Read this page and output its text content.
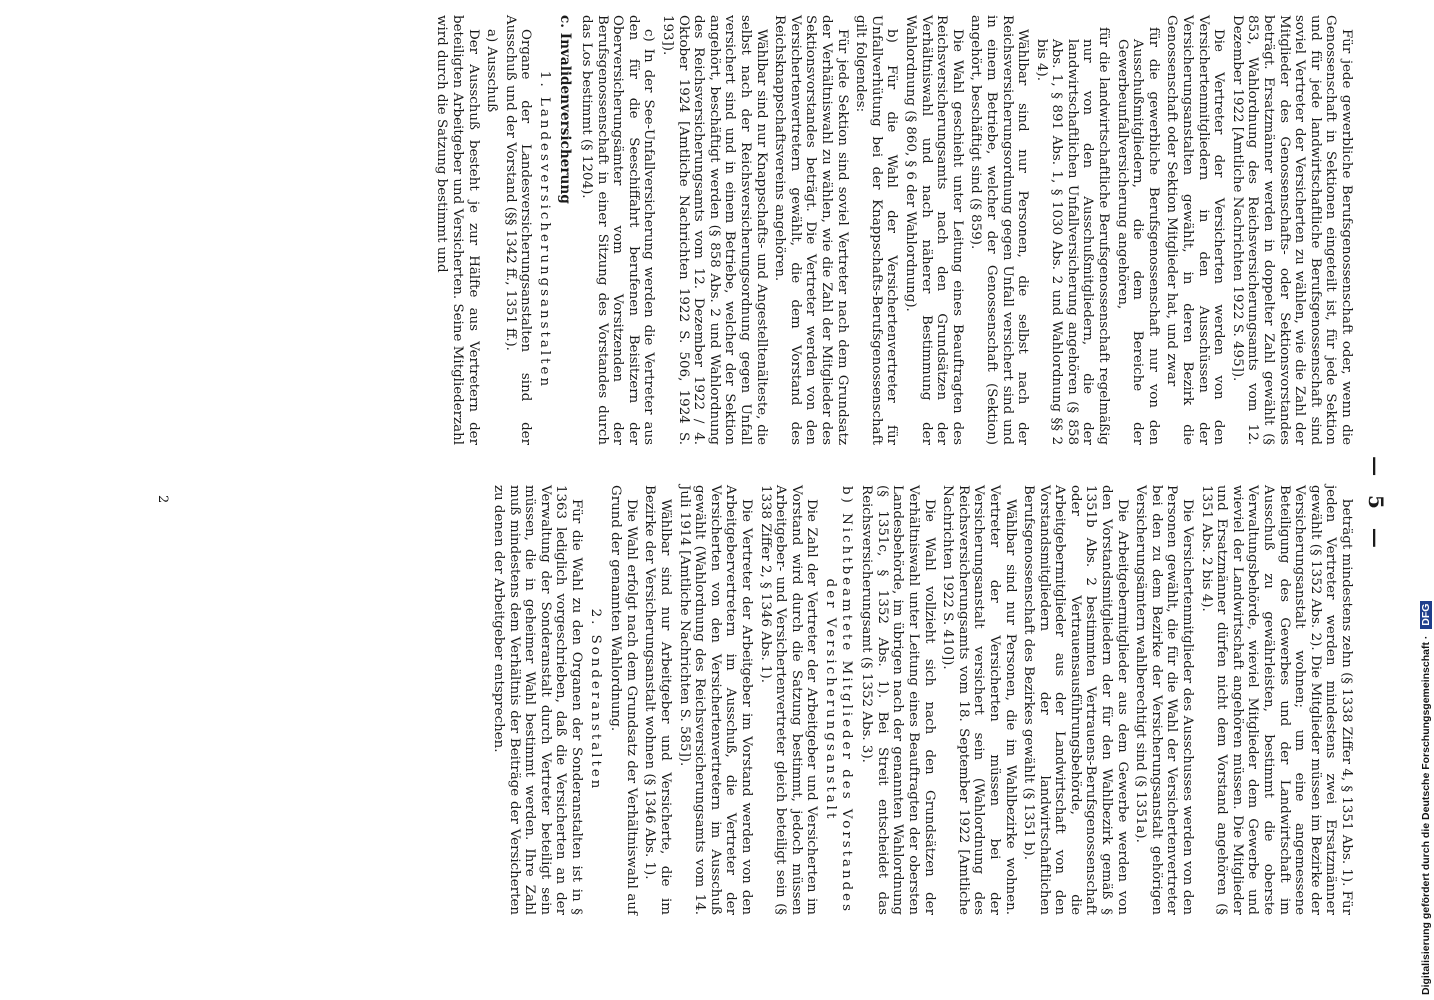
— 5 —

Für jede gewerbliche Berufsgenossenschaft oder, wenn die Genossenschaft in Sektionen eingeteilt ist, für jede Sektion und für jede landwirtschaftliche Berufsgenossenschaft sind soviel Vertreter der Versicherten zu wählen, wie die Zahl der Mitglieder des Genossenschafts- oder Sektionsvorstandes beträgt. Ersatzmänner werden in doppelter Zahl gewählt (§ 853, Wahlordnung des Reichsversicherungsamts vom 12. Dezember 1922 [Amtliche Nachrichten 1922 S. 495]).

Die Vertreter der Versicherten werden von den Versichertenmitgliedern in den Ausschüssen der Versicherungsanstalten gewählt, in deren Bezirk die Genossenschaft oder Sektion Mitglieder hat, und zwar

für die gewerbliche Berufsgenossenschaft nur von den Ausschußmitgliedern, die dem Bereiche der Gewerbeunfallversicherung angehören,

für die landwirtschaftliche Berufsgenossenschaft regelmäßig nur von den Ausschußmitgliedern, die der landwirtschaftlichen Unfallversicherung angehören (§ 858 Abs. 1, § 891 Abs. 1, § 1030 Abs. 2 und Wahlordnung §§ 2 bis 4).

Wählbar sind nur Personen, die selbst nach der Reichsversicherungsordnung gegen Unfall versichert sind und in einem Betriebe, welcher der Genossenschaft (Sektion) angehört, beschäftigt sind (§ 859).

Die Wahl geschieht unter Leitung eines Beauftragten des Reichsversicherungsamts nach den Grundsätzen der Verhältniswahl und nach näherer Bestimmung der Wahlordnung (§ 860, § 6 der Wahlordnung).

b) Für die Wahl der Versichertenvertreter für Unfallverhütung bei der Knappschafts-Berufsgenossenschaft gilt folgendes:

Für jede Sektion sind soviel Vertreter nach dem Grundsatz der Verhältniswahl zu wählen, wie die Zahl der Mitglieder des Sektionsvorstandes beträgt. Die Vertreter werden von den Versichertenvertretern gewählt, die dem Vorstand des Reichsknappschaftsvereins angehören.

Wählbar sind nur Knappschafts- und Angestelltenälteste, die selbst nach der Reichsversicherungsordnung gegen Unfall versichert sind und in einem Betriebe, welcher der Sektion angehört, beschäftigt werden (§ 858 Abs. 2 und Wahlordnung des Reichsversicherungsamts vom 12. Dezember 1922 / 4. Oktober 1924 [Amtliche Nachrichten 1922 S. 506, 1924 S. 193]).

c) In der See-Unfallversicherung werden die Vertreter aus den für die Seeschiffahrt berufenen Beisitzern der Oberversicherungsämter vom Vorsitzenden der Berufsgenossenschaft in einer Sitzung des Vorstandes durch das Los bestimmt (§ 1204).

c. Invalidenversicherung
1. Landesversicherungsanstalten

Organe der Landesversicherungsanstalten sind der Ausschuß und der Vorstand (§§ 1342 ff., 1351 ff.).

a) Ausschuß

Der Ausschuß besteht je zur Hälfte aus Vertretern der beteiligten Arbeitgeber und Versicherten. Seine Mitgliederzahl wird durch die Satzung bestimmt und

beträgt mindestens zehn (§ 1338 Ziffer 4, § 1351 Abs. 1). Für jeden Vertreter werden mindestens zwei Ersatzmänner gewählt (§ 1352 Abs. 2). Die Mitglieder müssen im Bezirke der Versicherungsanstalt wohnen; um eine angemessene Beteiligung des Gewerbes und der Landwirtschaft im Ausschuß zu gewährleisten, bestimmt die oberste Verwaltungsbehörde, wieviel Mitglieder dem Gewerbe und wieviel der Landwirtschaft angehören müssen. Die Mitglieder und Ersatzmänner dürfen nicht dem Vorstand angehören (§ 1351 Abs. 2 bis 4).

Die Versichertenmitglieder des Ausschusses werden von den Personen gewählt, die für die Wahl der Versichertenvertreter bei den zu dem Bezirke der Versicherungsanstalt gehörigen Versicherungsämtern wahlberechtigt sind (§ 1351a).

Die Arbeitgebermitglieder aus dem Gewerbe werden von den Vorstandsmitgliedern der für den Wahlbezirk gemäß § 1351b Abs. 2 bestimmten Vertrauens-Berufsgenossenschaft oder Vertrauensausführungsbehörde, die Arbeitgebermitglieder aus der Landwirtschaft von den Vorstandsmitgliedern der landwirtschaftlichen Berufsgenossenschaft des Bezirkes gewählt (§ 1351 b).

Wählbar sind nur Personen, die im Wahlbezirke wohnen. Vertreter der Versicherten müssen bei der Versicherungsanstalt versichert sein (Wahlordnung des Reichsversicherungsamts vom 18. September 1922 [Amtliche Nachrichten 1922 S. 410]).

Die Wahl vollzieht sich nach den Grundsätzen der Verhältniswahl unter Leitung eines Beauftragten der obersten Landesbehörde, im übrigen nach der genannten Wahlordnung (§ 1351c, § 1352 Abs. 1). Bei Streit entscheidet das Reichsversicherungsamt (§ 1352 Abs. 3).

b) Nichtbeamtete Mitglieder des Vorstandes der Versicherungsanstalt

Die Zahl der Vertreter der Arbeitgeber und Versicherten im Vorstand wird durch die Satzung bestimmt, jedoch müssen Arbeitgeber- und Versichertenvertreter gleich beteiligt sein (§ 1338 Ziffer 2, § 1346 Abs. 1).

Die Vertreter der Arbeitgeber im Vorstand werden von den Arbeitgebervertretern im Ausschuß, die Vertreter der Versicherten von den Versichertenvertretern im Ausschuß gewählt (Wahlordnung des Reichsversicherungsamts vom 14. Juli 1914 [Amtliche Nachrichten S. 585]).

Wählbar sind nur Arbeitgeber und Versicherte, die im Bezirke der Versicherungsanstalt wohnen (§ 1346 Abs. 1).

Die Wahl erfolgt nach dem Grundsatz der Verhältniswahl auf Grund der genannten Wahlordnung.

2. Sonderanstalten

Für die Wahl zu den Organen der Sonderanstalten ist in § 1363 lediglich vorgeschrieben, daß die Versicherten an der Verwaltung der Sonderanstalt durch Vertreter beteiligt sein müssen, die in geheimer Wahl bestimmt werden. Ihre Zahl muß mindestens dem Verhältnis der Beiträge der Versicherten zu denen der Arbeitgeber entsprechen.

2
Digitalisierung gefördert durch die Deutsche Forschungsgemeinschaft · DFG
